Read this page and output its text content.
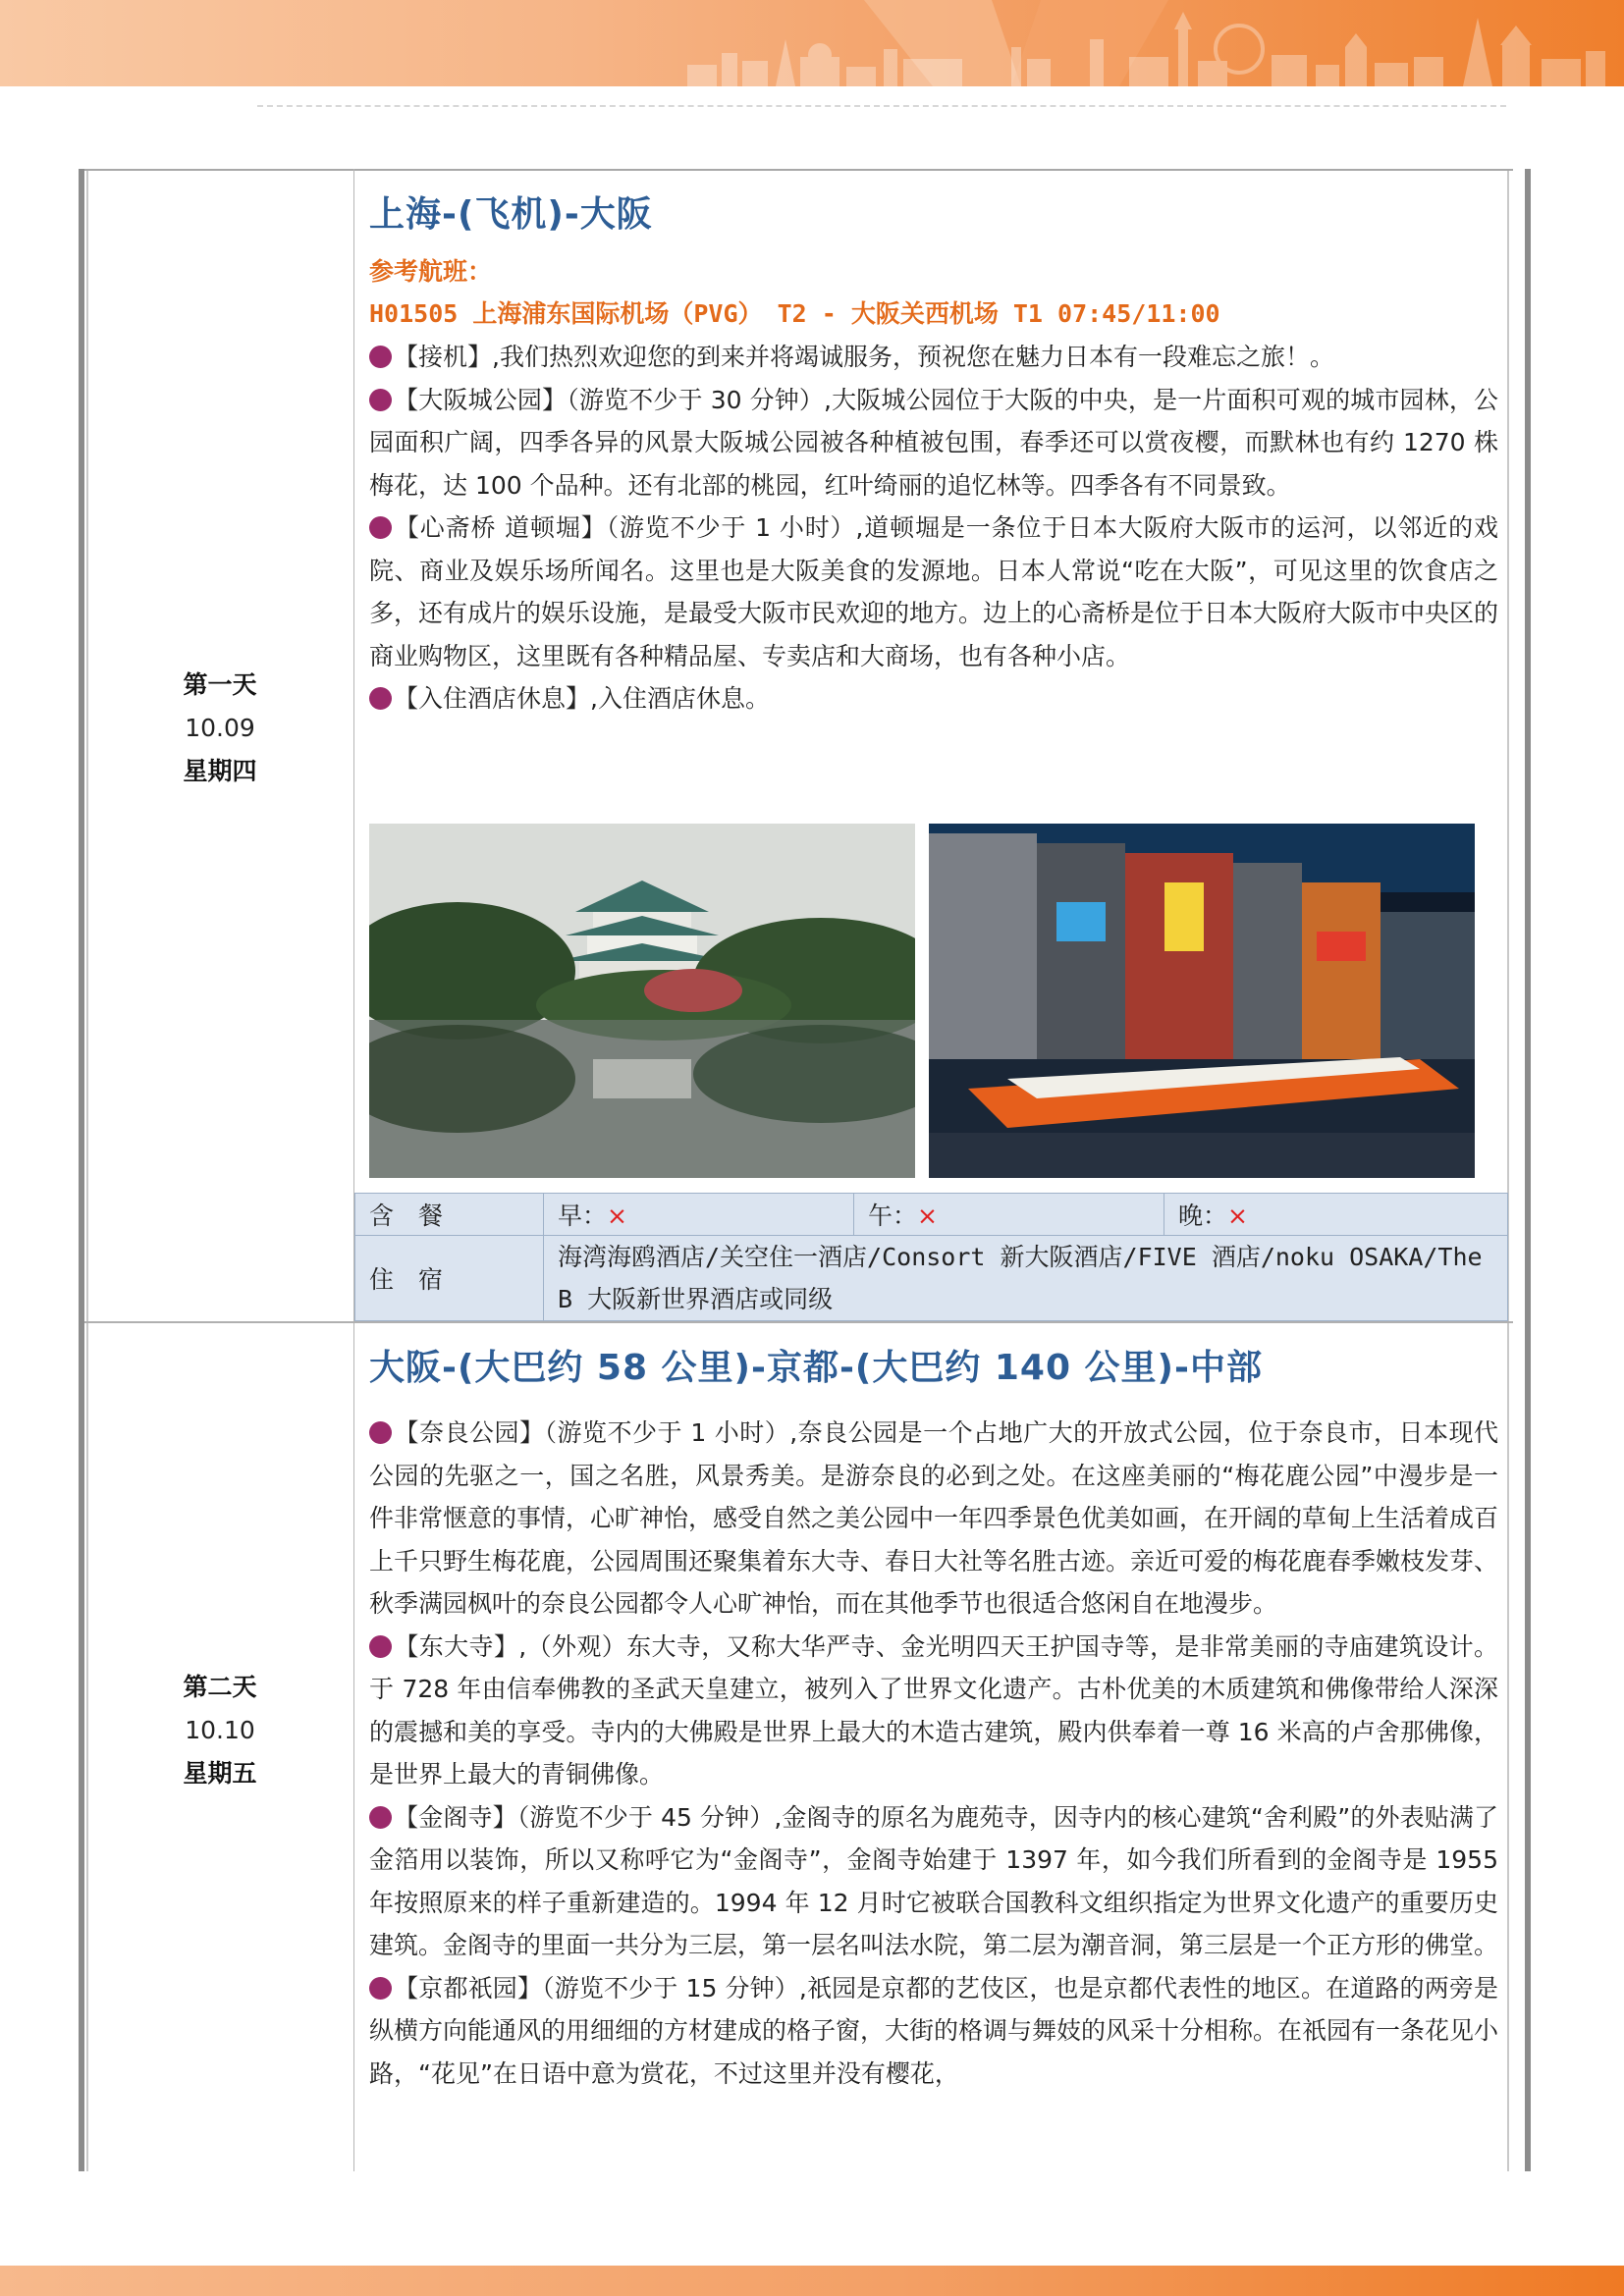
第一天
10.09
星期四
上海-(飞机)-大阪
参考航班：
H01505 上海浦东国际机场（PVG） T2 - 大阪关西机场 T1 07:45/11:00
【接机】,我们热烈欢迎您的到来并将竭诚服务，预祝您在魅力日本有一段难忘之旅！。
【大阪城公园】（游览不少于 30 分钟）,大阪城公园位于大阪的中央，是一片面积可观的城市园林，公园面积广阔，四季各异的风景大阪城公园被各种植被包围，春季还可以赏夜樱，而默林也有约 1270 株梅花，达 100 个品种。还有北部的桃园，红叶绮丽的追忆林等。四季各有不同景致。
【心斋桥 道顿堀】（游览不少于 1 小时）,道顿堀是一条位于日本大阪府大阪市的运河，以邻近的戏院、商业及娱乐场所闻名。这里也是大阪美食的发源地。日本人常说“吃在大阪”，可见这里的饮食店之多，还有成片的娱乐设施，是最受大阪市民欢迎的地方。边上的心斋桥是位于日本大阪府大阪市中央区的商业购物区，这里既有各种精品屋、专卖店和大商场，也有各种小店。
【入住酒店休息】,入住酒店休息。
含　餐	早：×	午：×	晚：×
住　宿	海湾海鸥酒店/关空住一酒店/Consort 新大阪酒店/FIVE 酒店/noku OSAKA/The B 大阪新世界酒店或同级		
第二天
10.10
星期五
大阪-(大巴约 58 公里)-京都-(大巴约 140 公里)-中部
【奈良公园】（游览不少于 1 小时）,奈良公园是一个占地广大的开放式公园，位于奈良市，日本现代公园的先驱之一，国之名胜，风景秀美。是游奈良的必到之处。在这座美丽的“梅花鹿公园”中漫步是一件非常惬意的事情，心旷神怡，感受自然之美公园中一年四季景色优美如画，在开阔的草甸上生活着成百上千只野生梅花鹿，公园周围还聚集着东大寺、春日大社等名胜古迹。亲近可爱的梅花鹿春季嫩枝发芽、秋季满园枫叶的奈良公园都令人心旷神怡，而在其他季节也很适合悠闲自在地漫步。
【东大寺】,（外观）东大寺，又称大华严寺、金光明四天王护国寺等，是非常美丽的寺庙建筑设计。于 728 年由信奉佛教的圣武天皇建立，被列入了世界文化遗产。古朴优美的木质建筑和佛像带给人深深的震撼和美的享受。寺内的大佛殿是世界上最大的木造古建筑，殿内供奉着一尊 16 米高的卢舍那佛像，是世界上最大的青铜佛像。
【金阁寺】（游览不少于 45 分钟）,金阁寺的原名为鹿苑寺，因寺内的核心建筑“舍利殿”的外表贴满了金箔用以装饰，所以又称呼它为“金阁寺”，金阁寺始建于 1397 年，如今我们所看到的金阁寺是 1955 年按照原来的样子重新建造的。1994 年 12 月时它被联合国教科文组织指定为世界文化遗产的重要历史建筑。金阁寺的里面一共分为三层，第一层名叫法水院，第二层为潮音洞，第三层是一个正方形的佛堂。
【京都祇园】（游览不少于 15 分钟）,祇园是京都的艺伎区，也是京都代表性的地区。在道路的两旁是纵横方向能通风的用细细的方材建成的格子窗，大街的格调与舞妓的风采十分相称。在祇园有一条花见小路，“花见”在日语中意为赏花，不过这里并没有樱花，
